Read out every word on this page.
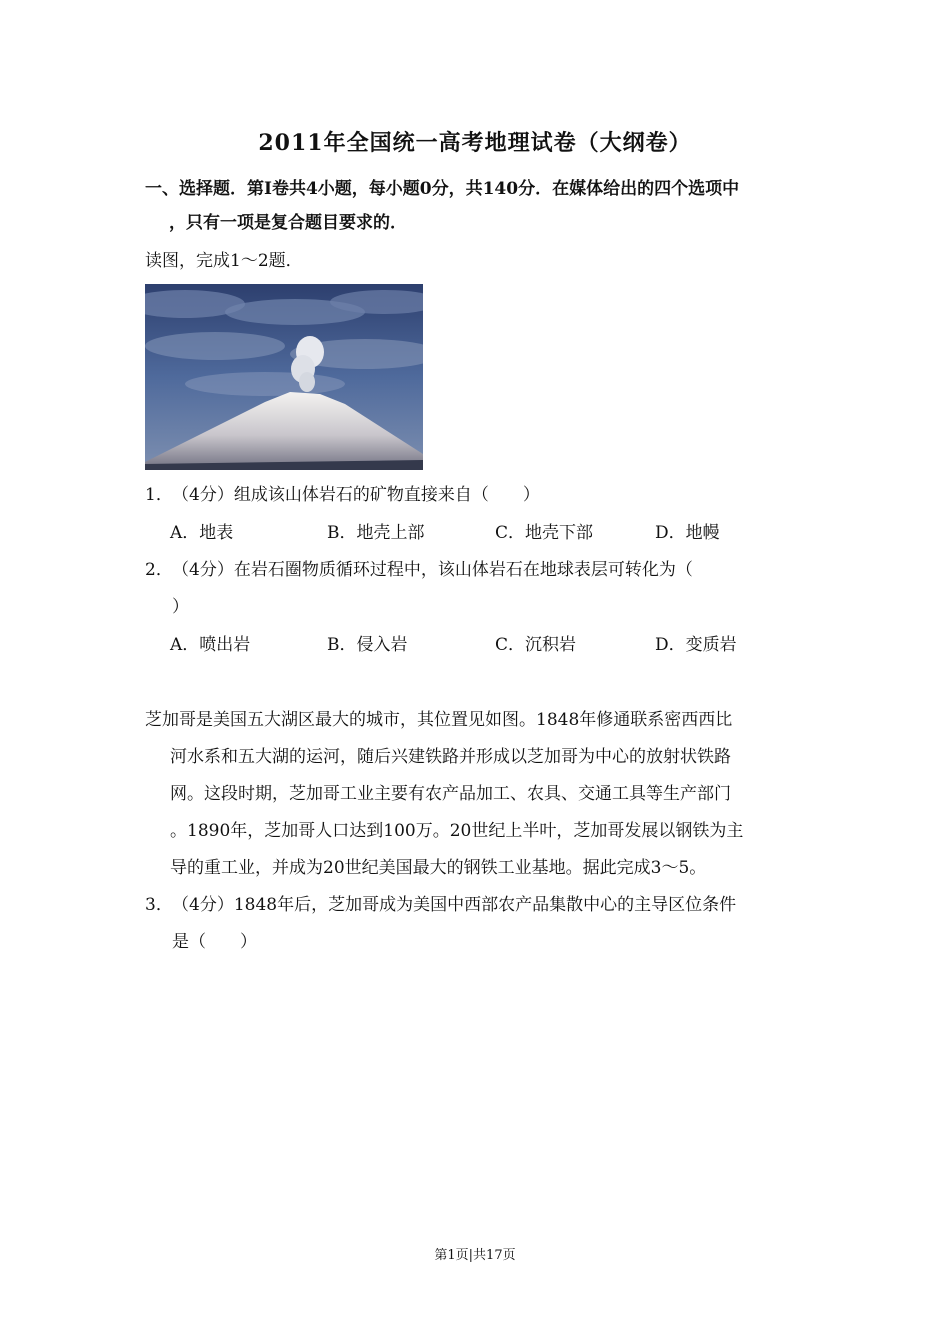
2011年全国统一高考地理试卷（大纲卷）
一、选择题．第Ⅰ卷共4小题，每小题0分，共140分．在媒体给出的四个选项中
，只有一项是复合题目要求的．
读图，完成1～2题．
1．（4分）组成该山体岩石的矿物直接来自（　　）
A．地表	B．地壳上部	C．地壳下部	D．地幔
2．（4分）在岩石圈物质循环过程中，该山体岩石在地球表层可转化为（
）
A．喷出岩	B．侵入岩	C．沉积岩	D．变质岩
芝加哥是美国五大湖区最大的城市，其位置见如图。1848年修通联系密西西比
河水系和五大湖的运河，随后兴建铁路并形成以芝加哥为中心的放射状铁路
网。这段时期，芝加哥工业主要有农产品加工、农具、交通工具等生产部门
。1890年，芝加哥人口达到100万。20世纪上半叶，芝加哥发展以钢铁为主
导的重工业，并成为20世纪美国最大的钢铁工业基地。据此完成3～5。
3．（4分）1848年后，芝加哥成为美国中西部农产品集散中心的主导区位条件
是（　　）
第1页|共17页
